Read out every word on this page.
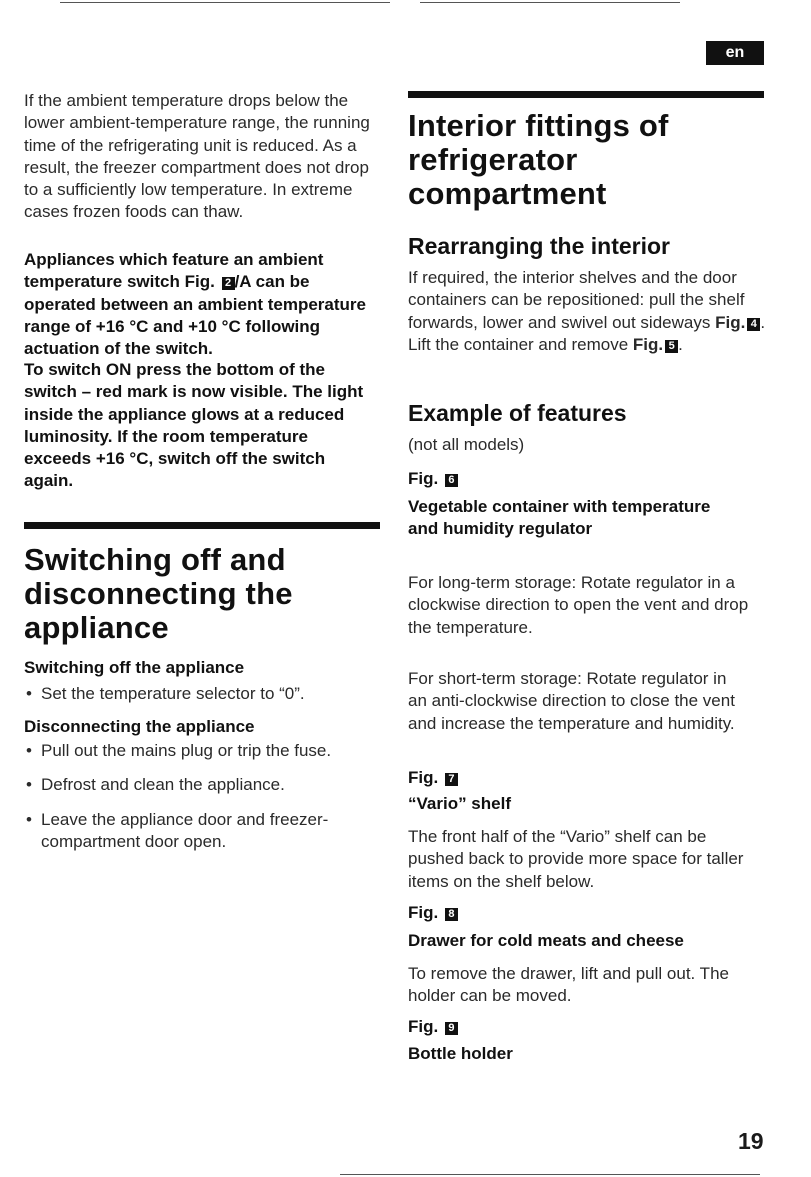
en

If the ambient temperature drops below the lower ambient-temperature range, the running time of the refrigerating unit is reduced. As a result, the freezer compartment does not drop to a sufficiently low temperature. In extreme cases frozen foods can thaw.

Appliances which feature an ambient temperature switch Fig. 2 /A can be operated between an ambient temperature range of +16 °C and +10 °C following actuation of the switch.

To switch ON press the bottom of the switch – red mark is now visible. The light inside the appliance glows at a reduced luminosity. If the room temperature exceeds +16 °C, switch off the switch again.

Switching off and disconnecting the appliance
Switching off the appliance
• Set the temperature selector to “0”.
Disconnecting the appliance
• Pull out the mains plug or trip the fuse.
• Defrost and clean the appliance.
• Leave the appliance door and freezer-compartment door open.
Interior fittings of refrigerator compartment
Rearranging the interior

If required, the interior shelves and the door containers can be repositioned: pull the shelf forwards, lower and swivel out sideways Fig. 4 . Lift the container and remove Fig. 5 .

Example of features

(not all models)

Fig. 6

Vegetable container with temperature and humidity regulator

For long-term storage: Rotate regulator in a clockwise direction to open the vent and drop the temperature.

For short-term storage: Rotate regulator in an anti-clockwise direction to close the vent and increase the temperature and humidity.

Fig. 7

“Vario” shelf

The front half of the “Vario” shelf can be pushed back to provide more space for taller items on the shelf below.

Fig. 8

Drawer for cold meats and cheese

To remove the drawer, lift and pull out. The holder can be moved.

Fig. 9

Bottle holder

19
